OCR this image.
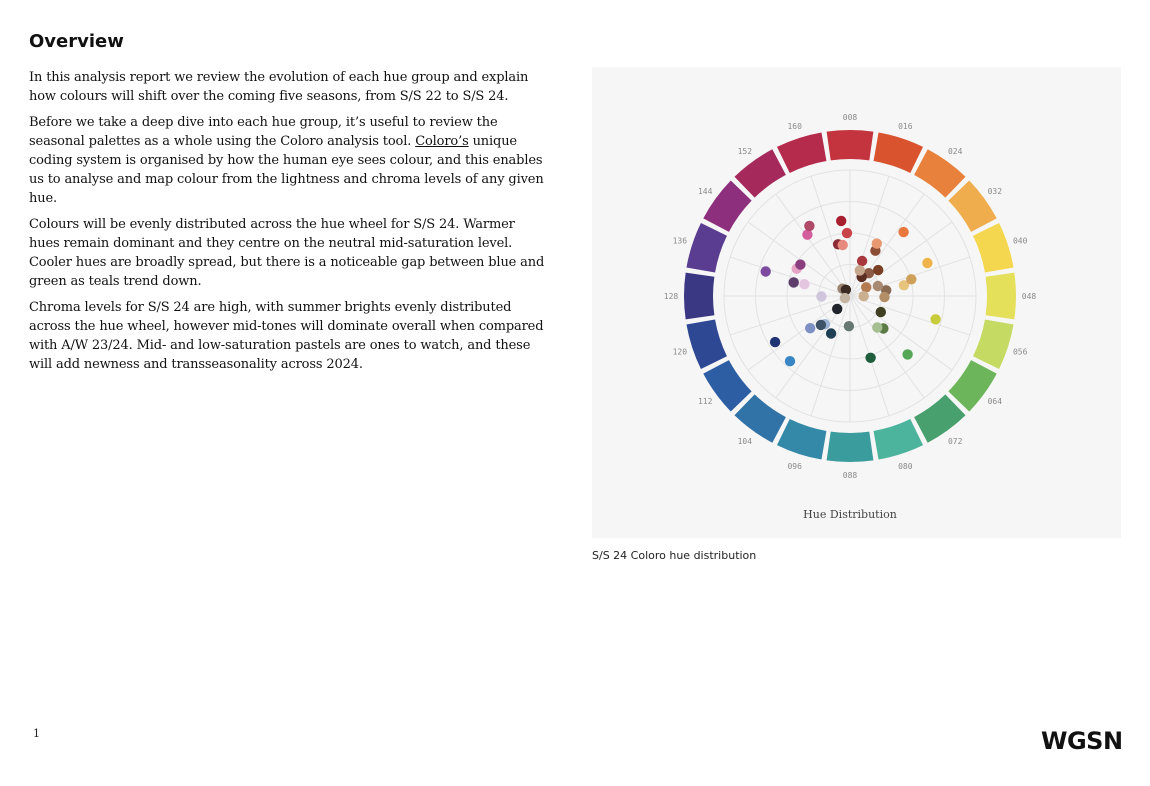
Overview

In this analysis report we review the evolution of each hue group and explain how colours will shift over the coming five seasons, from S/S 22 to S/S 24.

Before we take a deep dive into each hue group, it’s useful to review the seasonal palettes as a whole using the Coloro analysis tool. Coloro’s unique coding system is organised by how the human eye sees colour, and this enables us to analyse and map colour from the lightness and chroma levels of any given hue.

Colours will be evenly distributed across the hue wheel for S/S 24. Warmer hues remain dominant and they centre on the neutral mid-saturation level. Cooler hues are broadly spread, but there is a noticeable gap between blue and green as teals trend down.

Chroma levels for S/S 24 are high, with summer brights evenly distributed across the hue wheel, however mid-tones will dominate overall when compared with A/W 23/24. Mid- and low-saturation pastels are ones to watch, and these will add newness and transseasonality across 2024.

008
016
024
032
040
048
056
064
072
080
088
096
104
112
120
128
136
144
152
160
Hue Distribution

S/S 24 Coloro hue distribution

1	WGSN
